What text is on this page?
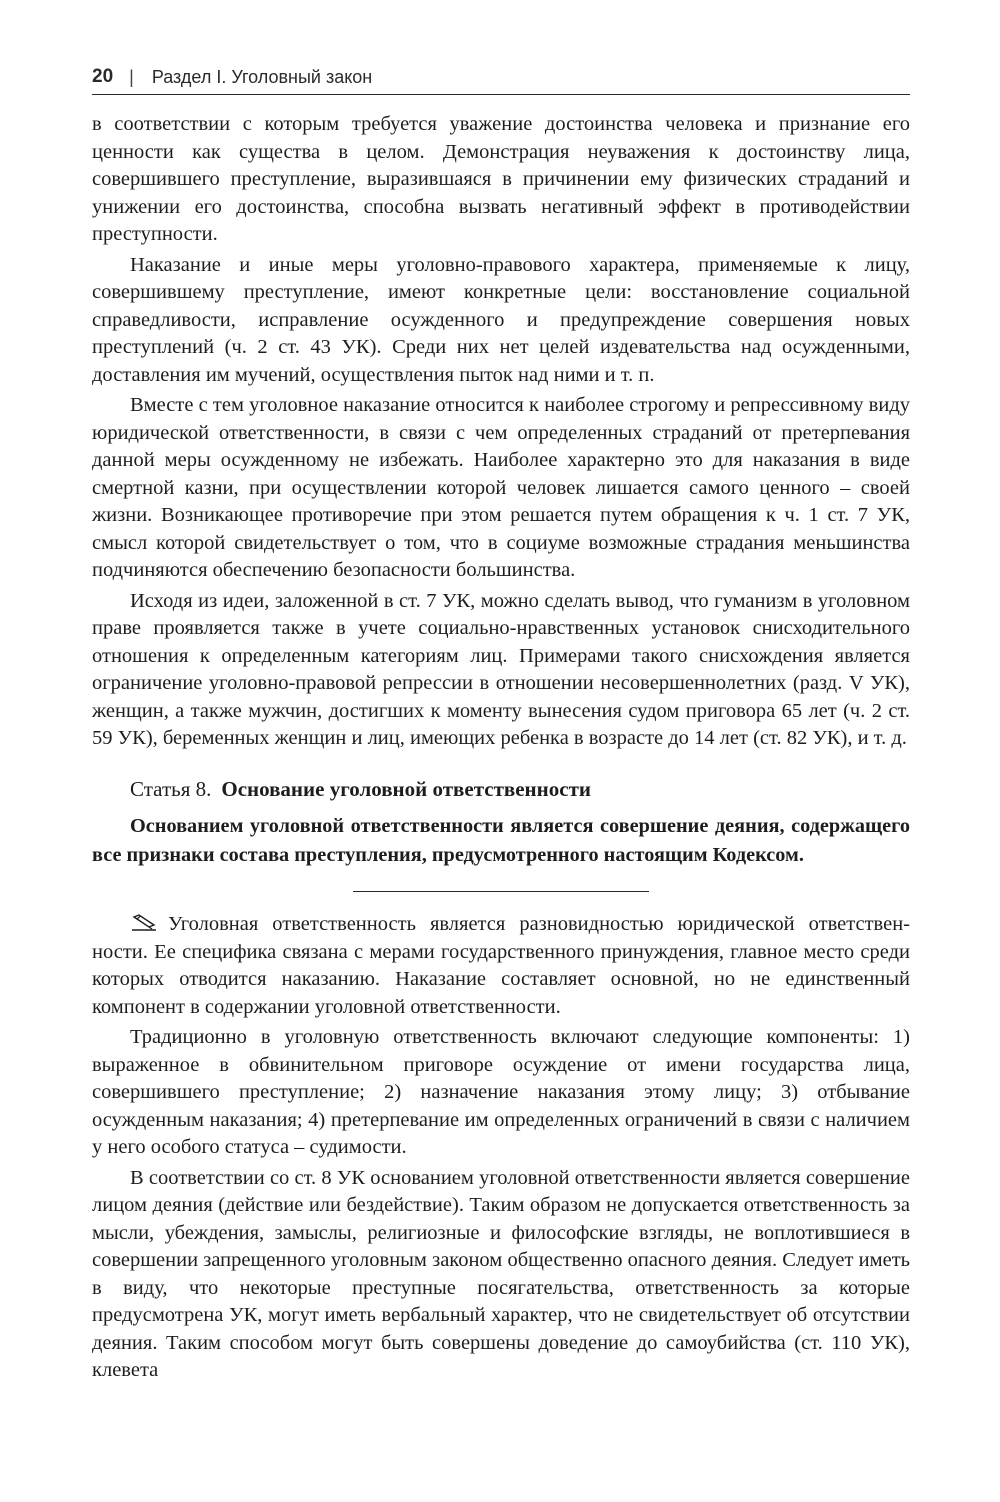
20 | Раздел I. Уголовный закон

в соответствии с которым требуется уважение достоинства человека и признание его ценности как существа в целом. Демонстрация неуважения к достоинству лица, совершившего преступление, выразившаяся в причинении ему физических страданий и унижении его достоинства, способна вызвать негативный эффект в противодействии преступности.

Наказание и иные меры уголовно-правового характера, применяемые к лицу, совершившему преступление, имеют конкретные цели: восстановление социальной справедливости, исправление осужденного и предупреждение совершения новых преступлений (ч. 2 ст. 43 УК). Среди них нет целей издевательства над осужденными, доставления им мучений, осуществления пыток над ними и т. п.

Вместе с тем уголовное наказание относится к наиболее строгому и репрессивному виду юридической ответственности, в связи с чем определенных страданий от претерпевания данной меры осужденному не избежать. Наиболее характерно это для наказания в виде смертной казни, при осуществлении которой человек лишается самого ценного – своей жизни. Возникающее противоречие при этом решается путем обращения к ч. 1 ст. 7 УК, смысл которой свидетельствует о том, что в социуме возможные страдания меньшинства подчиняются обеспечению безопасности большинства.

Исходя из идеи, заложенной в ст. 7 УК, можно сделать вывод, что гуманизм в уголовном праве проявляется также в учете социально-нравственных установок снисходительного отношения к определенным категориям лиц. Примерами такого снисхождения является ограничение уголовно-правовой репрессии в отношении несовершеннолетних (разд. V УК), женщин, а также мужчин, достигших к моменту вынесения судом приговора 65 лет (ч. 2 ст. 59 УК), беременных женщин и лиц, имеющих ребенка в возрасте до 14 лет (ст. 82 УК), и т. д.

Статья 8. Основание уголовной ответственности

Основанием уголовной ответственности является совершение деяния, содержащего все признаки состава преступления, предусмотренного настоящим Кодексом.

Уголовная ответственность является разновидностью юридической ответственности. Ее специфика связана с мерами государственного принуждения, главное место среди которых отводится наказанию. Наказание составляет основной, но не единственный компонент в содержании уголовной ответственности.

Традиционно в уголовную ответственность включают следующие компоненты: 1) выраженное в обвинительном приговоре осуждение от имени государства лица, совершившего преступление; 2) назначение наказания этому лицу; 3) отбывание осужденным наказания; 4) претерпевание им определенных ограничений в связи с наличием у него особого статуса – судимости.

В соответствии со ст. 8 УК основанием уголовной ответственности является совершение лицом деяния (действие или бездействие). Таким образом не допускается ответственность за мысли, убеждения, замыслы, религиозные и философские взгляды, не воплотившиеся в совершении запрещенного уголовным законом общественно опасного деяния. Следует иметь в виду, что некоторые преступные посягательства, ответственность за которые предусмотрена УК, могут иметь вербальный характер, что не свидетельствует об отсутствии деяния. Таким способом могут быть совершены доведение до самоубийства (ст. 110 УК), клевета
